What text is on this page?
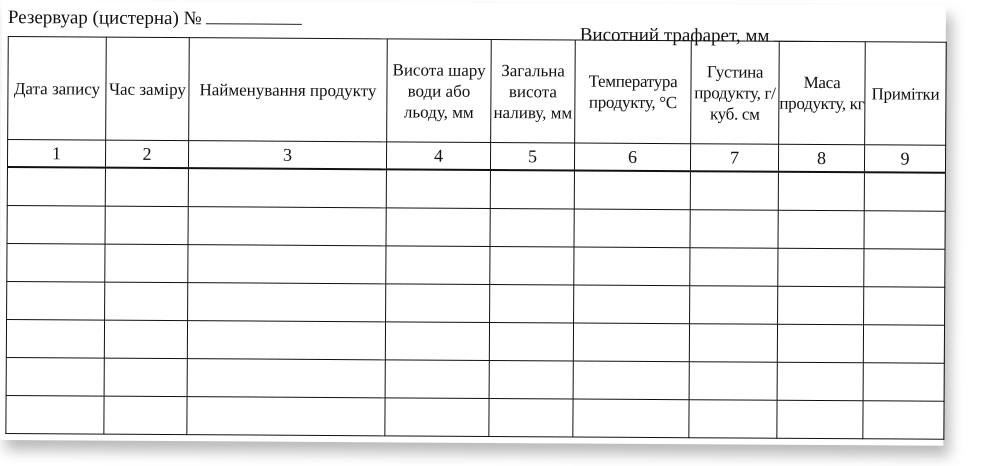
Резервуар (цистерна) №
Висотний трафарет, мм
Дата запису	Час заміру	Найменування продукту	Висота шару води або льоду, мм	Загальна висота наливу, мм	Температура продукту, °C	Густина продукту, г/куб. см	Маса продукту, кг	Примітки
1	2	3	4	5	6	7	8	9
